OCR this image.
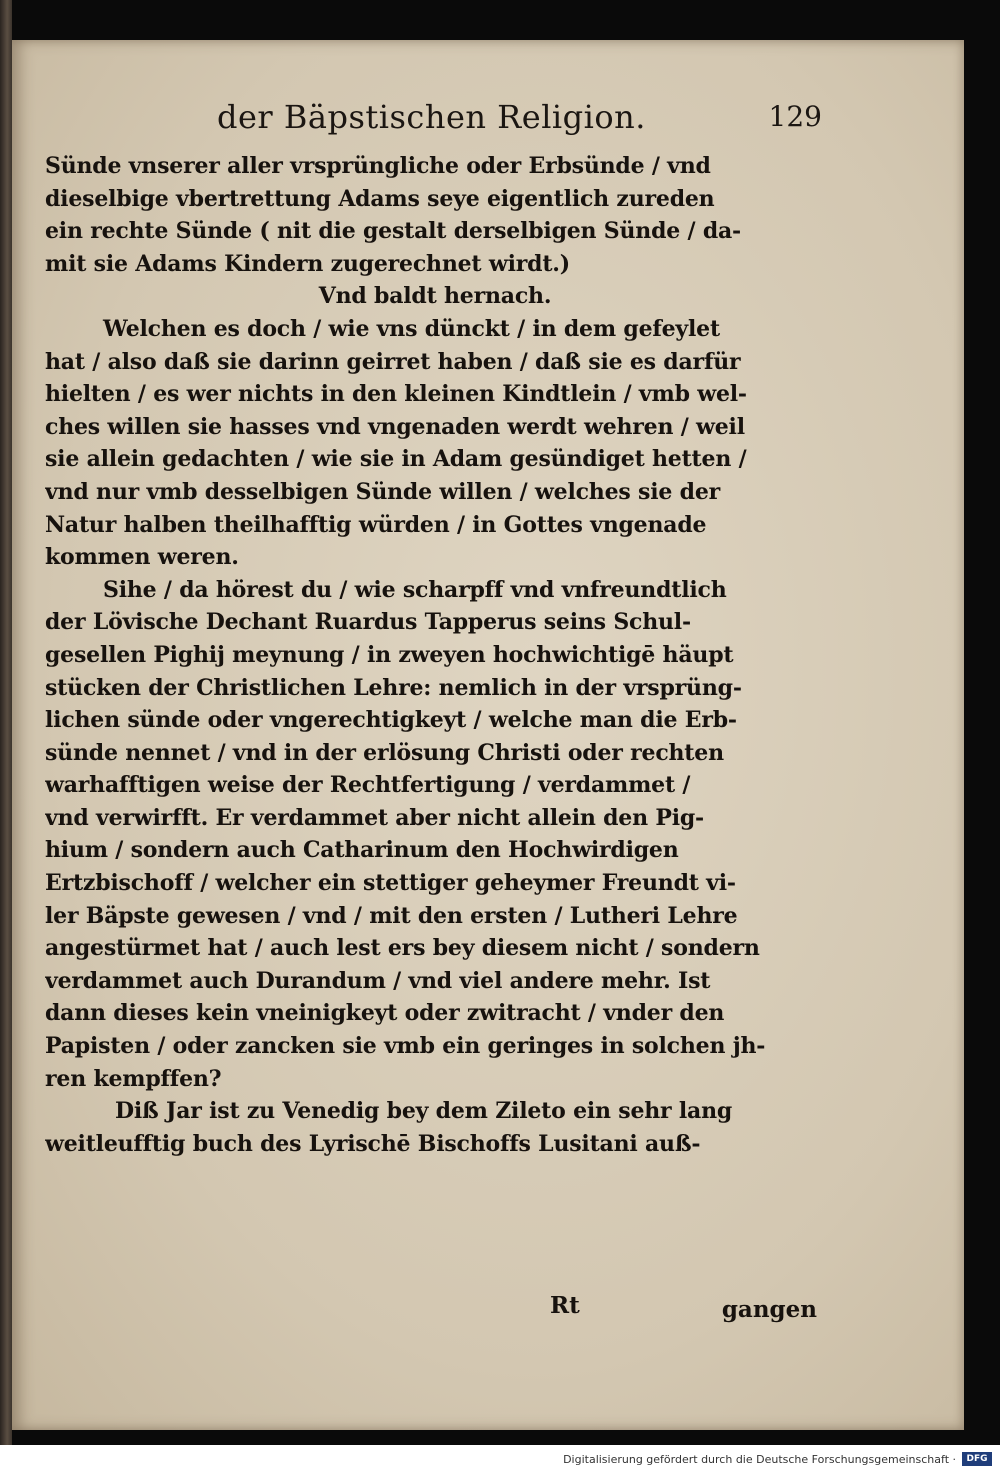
der Bäpstischen Religion.	129
Sünde vnserer aller vrsprüngliche oder Erbsünde / vnd
dieselbige vbertrettung Adams seye eigentlich zureden
ein rechte Sünde ( nit die gestalt derselbigen Sünde / da-
mit sie Adams Kindern zugerechnet wirdt.)
Vnd baldt hernach.
Welchen es doch / wie vns dünckt / in dem gefeylet
hat / also daß sie darinn geirret haben / daß sie es darfür
hielten / es wer nichts in den kleinen Kindtlein / vmb wel-
ches willen sie hasses vnd vngenaden werdt wehren / weil
sie allein gedachten / wie sie in Adam gesündiget hetten /
vnd nur vmb desselbigen Sünde willen / welches sie der
Natur halben theilhafftig würden / in Gottes vngenade
kommen weren.
Sihe / da hörest du / wie scharpff vnd vnfreundtlich
der Lövische Dechant Ruardus Tapperus seins Schul-
gesellen Pighij meynung / in zweyen hochwichtigē häupt
stücken der Christlichen Lehre: nemlich in der vrsprüng-
lichen sünde oder vngerechtigkeyt / welche man die Erb-
sünde nennet / vnd in der erlösung Christi oder rechten
warhafftigen weise der Rechtfertigung / verdammet /
vnd verwirfft. Er verdammet aber nicht allein den Pig-
hium / sondern auch Catharinum den Hochwirdigen
Ertzbischoff / welcher ein stettiger geheymer Freundt vi-
ler Bäpste gewesen / vnd / mit den ersten / Lutheri Lehre
angestürmet hat / auch lest ers bey diesem nicht / sondern
verdammet auch Durandum / vnd viel andere mehr. Ist
dann dieses kein vneinigkeyt oder zwitracht / vnder den
Papisten / oder zancken sie vmb ein geringes in solchen jh-
ren kempffen?
Diß Jar ist zu Venedig bey dem Zileto ein sehr lang
weitleufftig buch des Lyrischē Bischoffs Lusitani auß-
Rt	gangen
Digitalisierung gefördert durch die Deutsche Forschungsgemeinschaft ·	DFG
